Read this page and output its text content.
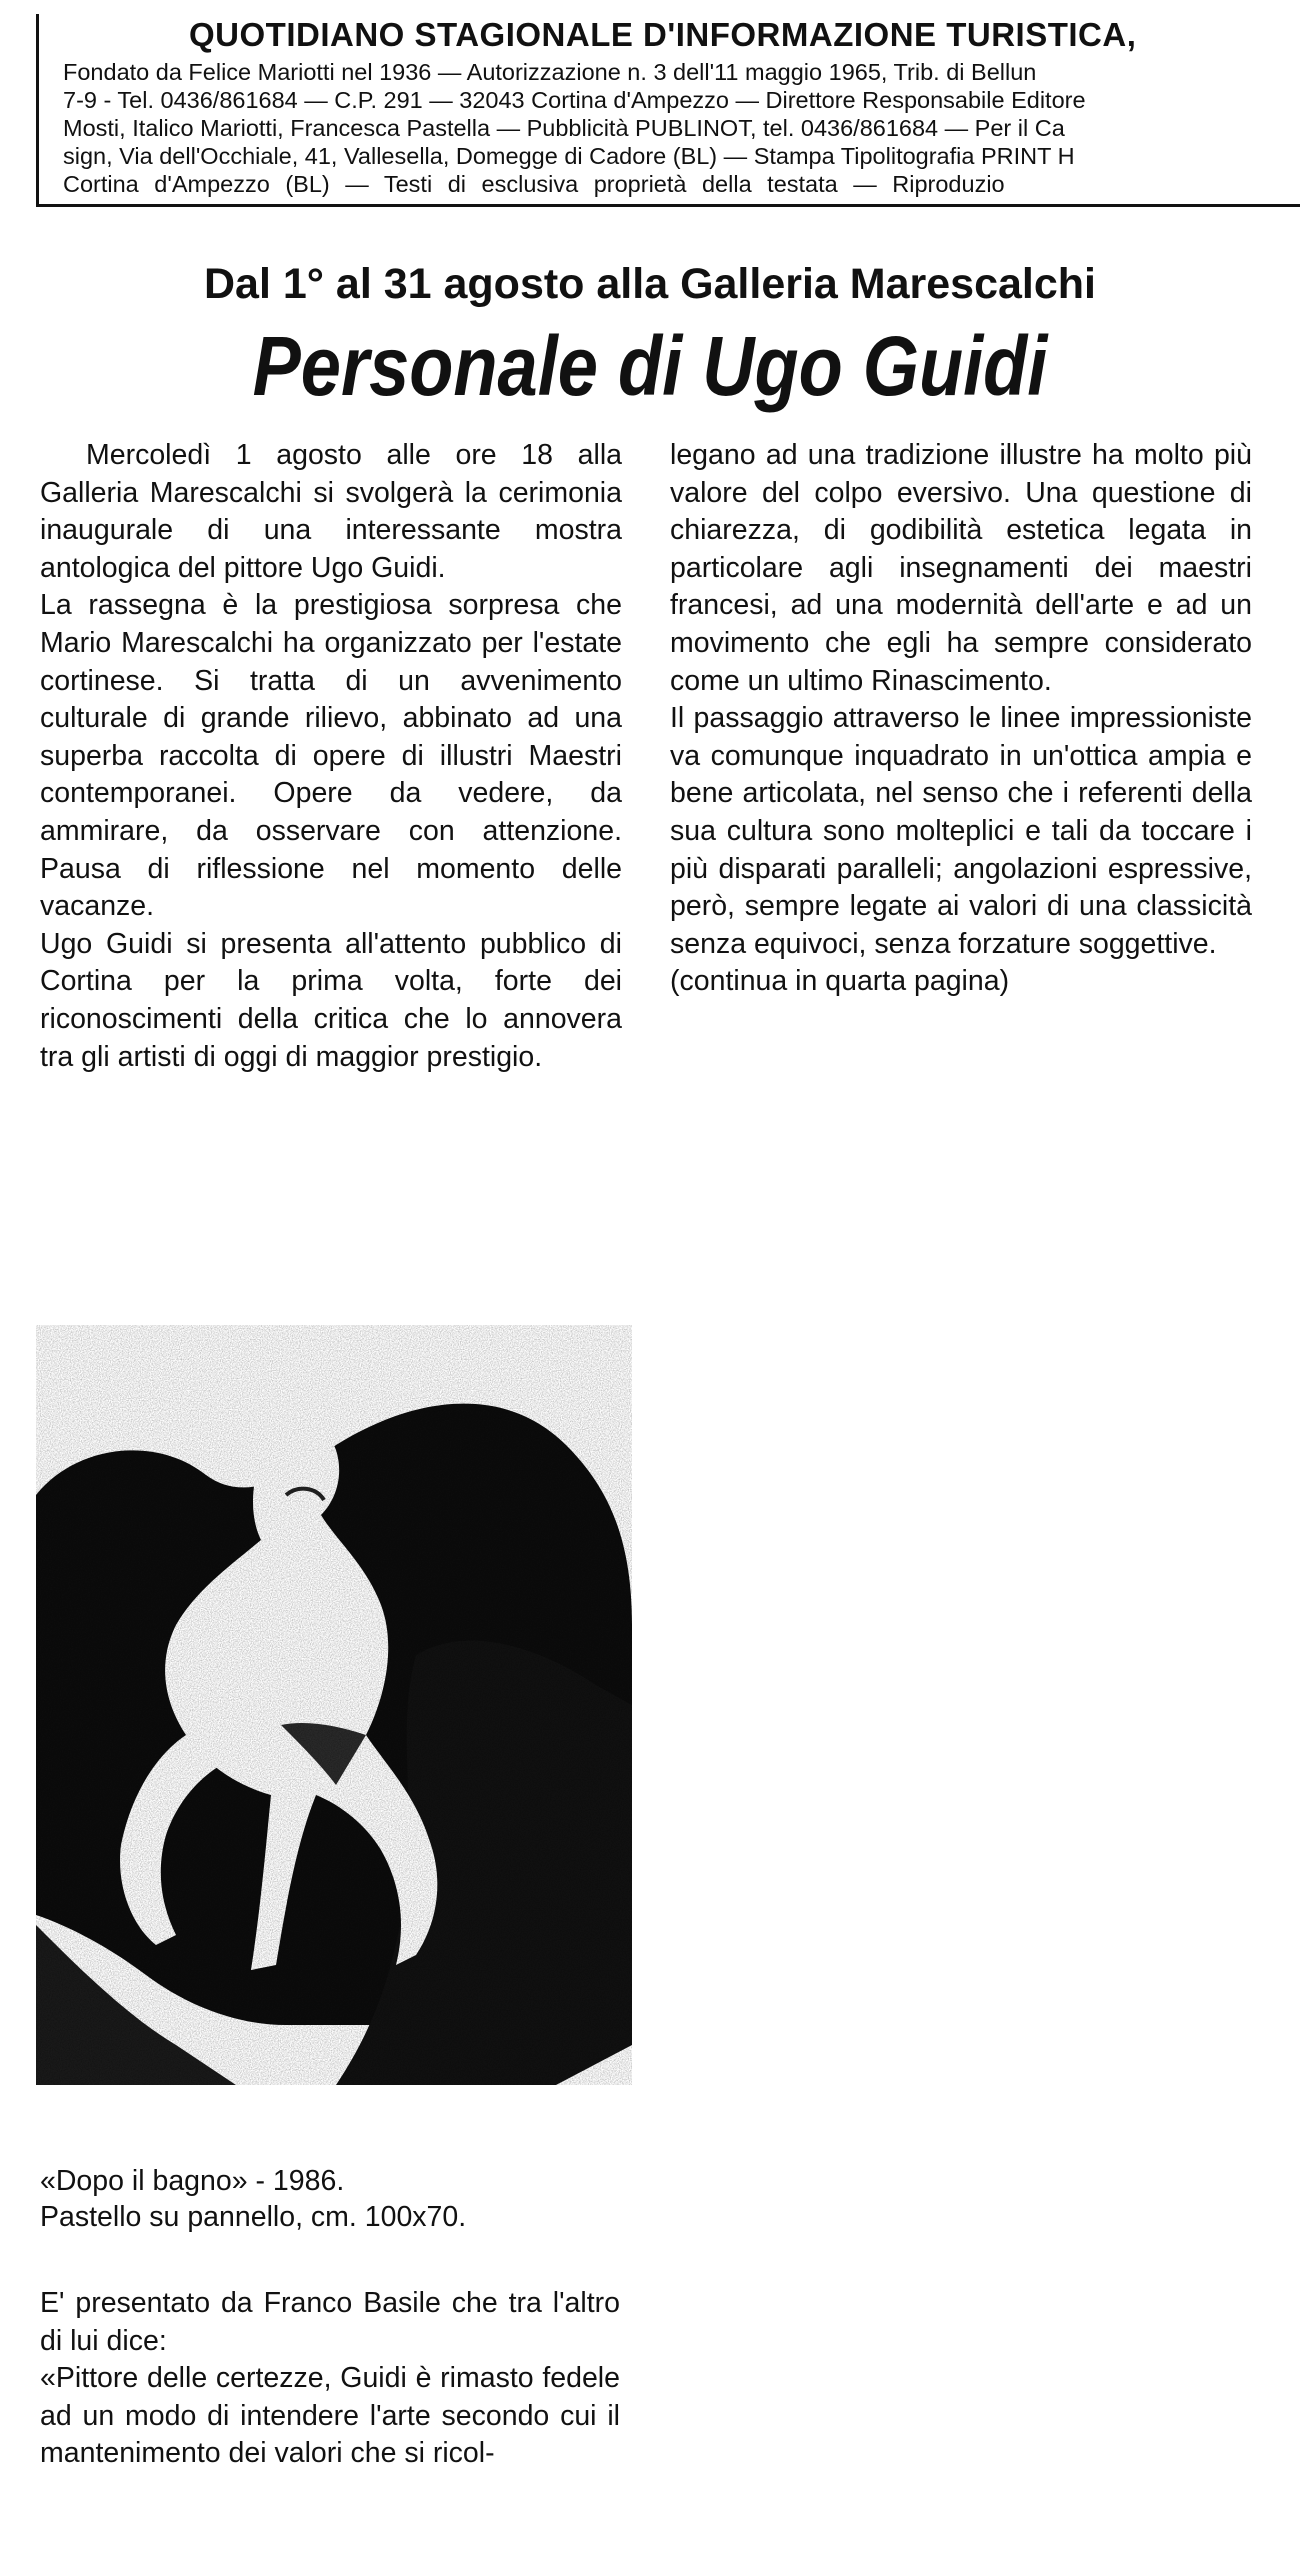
QUOTIDIANO STAGIONALE D'INFORMAZIONE TURISTICA,
Fondato da Felice Mariotti nel 1936 — Autorizzazione n. 3 dell'11 maggio 1965, Trib. di Bellun
7-9 - Tel. 0436/861684 — C.P. 291 — 32043 Cortina d'Ampezzo — Direttore Responsabile Editore
Mosti, Italico Mariotti, Francesca Pastella — Pubblicità PUBLINOT, tel. 0436/861684 — Per il Ca
sign, Via dell'Occhiale, 41, Vallesella, Domegge di Cadore (BL) — Stampa Tipolitografia PRINT H
Cortina d'Ampezzo (BL) — Testi di esclusiva proprietà della testata — Riproduzio
Dal 1° al 31 agosto alla Galleria Marescalchi
Personale di Ugo Guidi

Mercoledì 1 agosto alle ore 18 alla Galleria Marescalchi si svolgerà la cerimonia inaugurale di una interessante mostra antologica del pittore Ugo Guidi.

La rassegna è la prestigiosa sorpresa che Mario Marescalchi ha organizzato per l'estate cortinese. Si tratta di un avvenimento culturale di grande rilievo, abbinato ad una superba raccolta di opere di illustri Maestri contemporanei. Opere da vedere, da ammirare, da osservare con attenzione. Pausa di riflessione nel momento delle vacanze.

Ugo Guidi si presenta all'attento pubblico di Cortina per la prima volta, forte dei riconoscimenti della critica che lo annovera tra gli artisti di oggi di maggior prestigio.

legano ad una tradizione illustre ha molto più valore del colpo eversivo. Una questione di chiarezza, di godibilità estetica legata in particolare agli insegnamenti dei maestri francesi, ad una modernità dell'arte e ad un movimento che egli ha sempre considerato come un ultimo Rinascimento.

Il passaggio attraverso le linee impressioniste va comunque inquadrato in un'ottica ampia e bene articolata, nel senso che i referenti della sua cultura sono molteplici e tali da toccare i più disparati paralleli; angolazioni espressive, però, sempre legate ai valori di una classicità senza equivoci, senza forzature soggettive.

(continua in quarta pagina)

«Dopo il bagno» - 1986.
Pastello su pannello, cm. 100x70.

E' presentato da Franco Basile che tra l'altro di lui dice:

«Pittore delle certezze, Guidi è rimasto fedele ad un modo di intendere l'arte secondo cui il mantenimento dei valori che si ricol-
